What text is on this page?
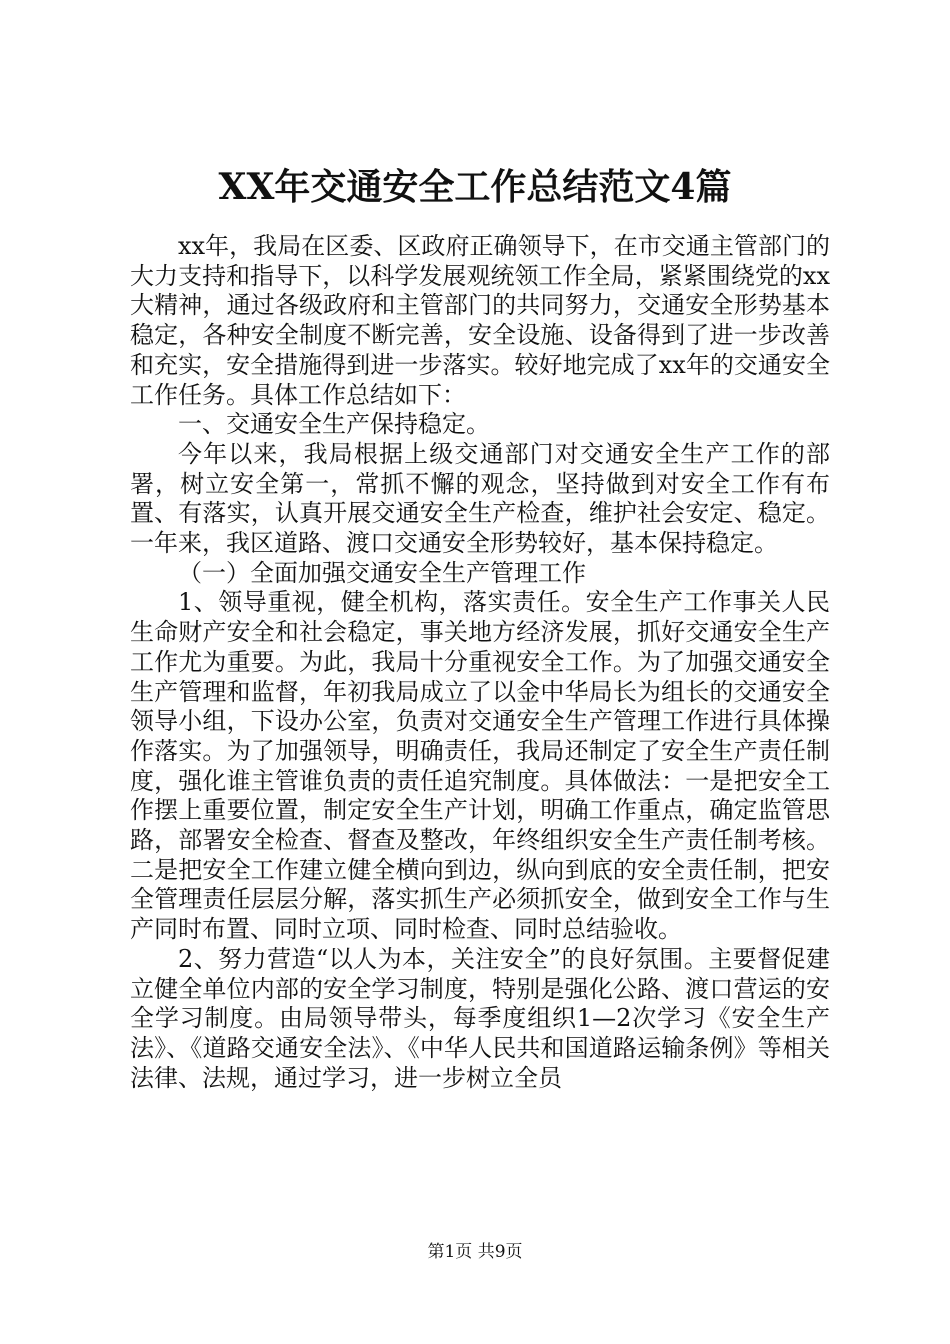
XX年交通安全工作总结范文4篇

xx年，我局在区委、区政府正确领导下，在市交通主管部门的大力支持和指导下，以科学发展观统领工作全局，紧紧围绕党的xx大精神，通过各级政府和主管部门的共同努力，交通安全形势基本稳定，各种安全制度不断完善，安全设施、设备得到了进一步改善和充实，安全措施得到进一步落实。较好地完成了xx年的交通安全工作任务。具体工作总结如下：

一、交通安全生产保持稳定。

今年以来，我局根据上级交通部门对交通安全生产工作的部署，树立安全第一，常抓不懈的观念，坚持做到对安全工作有布置、有落实，认真开展交通安全生产检查，维护社会安定、稳定。一年来，我区道路、渡口交通安全形势较好，基本保持稳定。

（一）全面加强交通安全生产管理工作

1、领导重视，健全机构，落实责任。安全生产工作事关人民生命财产安全和社会稳定，事关地方经济发展，抓好交通安全生产工作尤为重要。为此，我局十分重视安全工作。为了加强交通安全生产管理和监督，年初我局成立了以金中华局长为组长的交通安全领导小组，下设办公室，负责对交通安全生产管理工作进行具体操作落实。为了加强领导，明确责任，我局还制定了安全生产责任制度，强化谁主管谁负责的责任追究制度。具体做法：一是把安全工作摆上重要位置，制定安全生产计划，明确工作重点，确定监管思路，部署安全检查、督查及整改，年终组织安全生产责任制考核。二是把安全工作建立健全横向到边，纵向到底的安全责任制，把安全管理责任层层分解，落实抓生产必须抓安全，做到安全工作与生产同时布置、同时立项、同时检查、同时总结验收。

2、努力营造“以人为本，关注安全”的良好氛围。主要督促建立健全单位内部的安全学习制度，特别是强化公路、渡口营运的安全学习制度。由局领导带头，每季度组织1—2次学习《安全生产法》、《道路交通安全法》、《中华人民共和国道路运输条例》等相关法律、法规，通过学习，进一步树立全员

第1页 共9页
